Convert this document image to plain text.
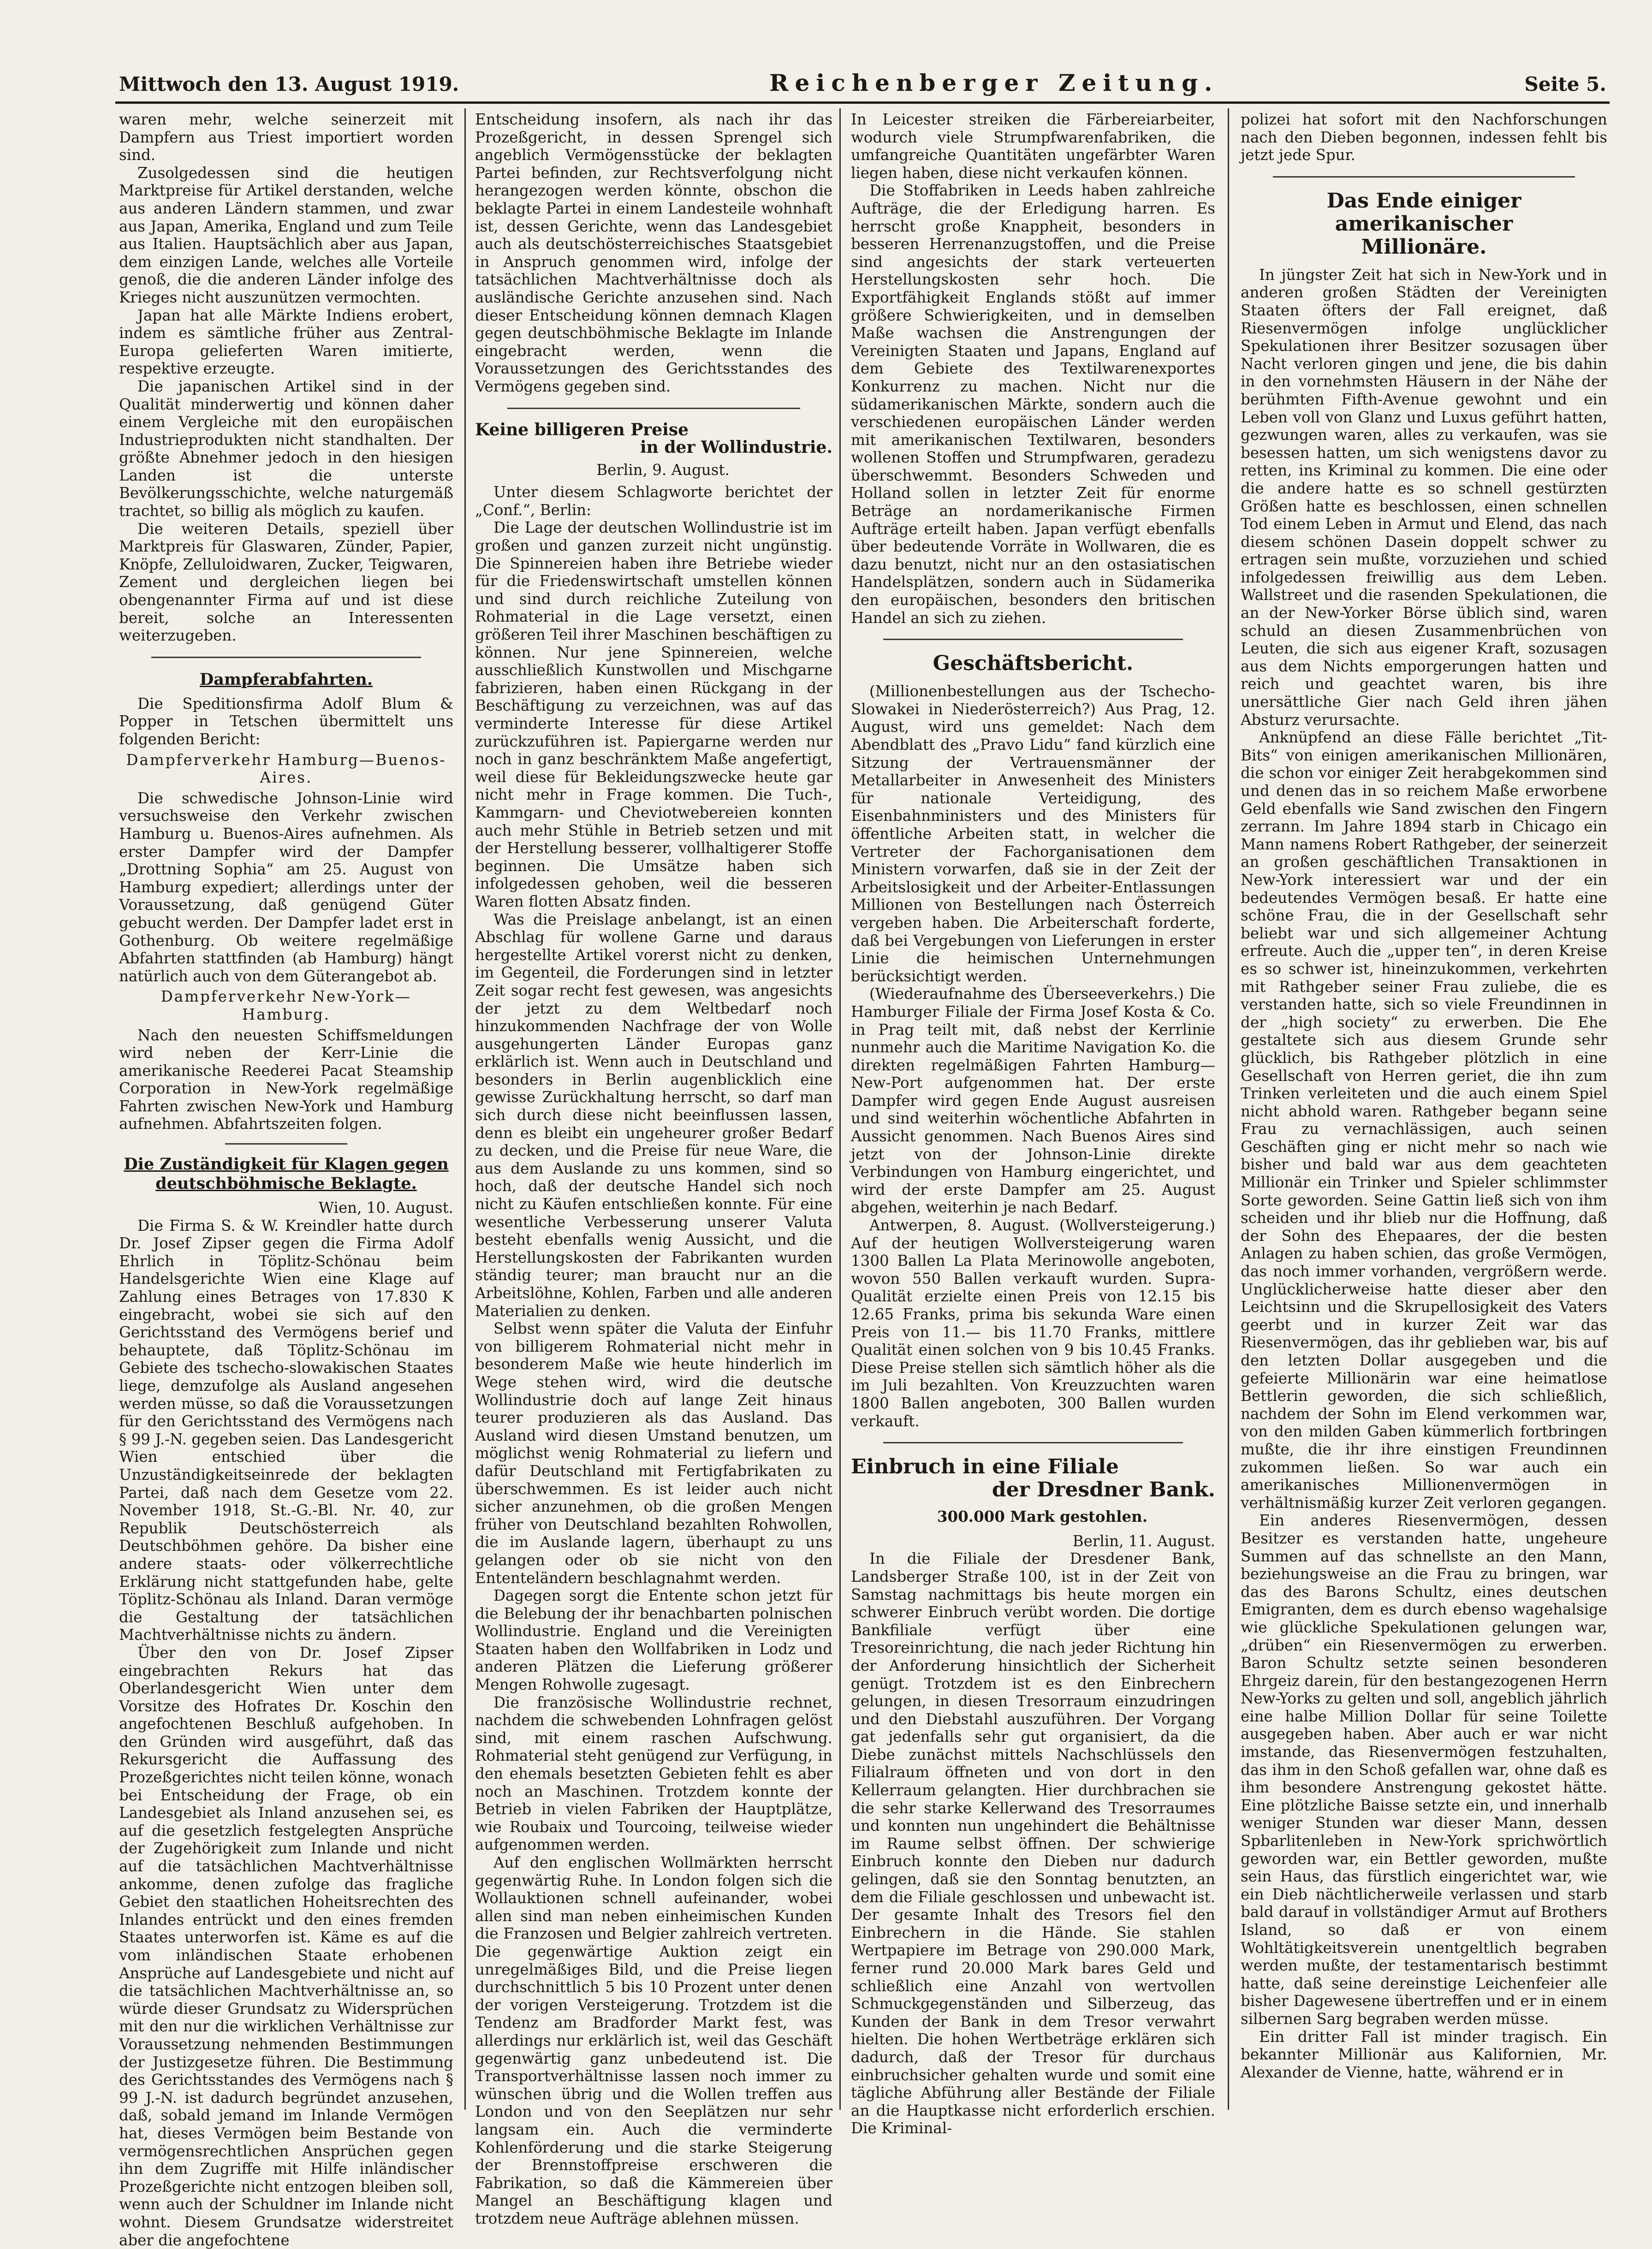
Mittwoch den 13. August 1919.	Reichenberger Zeitung.	Seite 5.

waren mehr, welche seinerzeit mit Dampfern aus Triest importiert worden sind.

Zusolgedessen sind die heutigen Marktpreise für Artikel derstanden, welche aus anderen Ländern stammen, und zwar aus Japan, Amerika, England und zum Teile aus Italien. Hauptsächlich aber aus Japan, dem einzigen Lande, welches alle Vorteile genoß, die die anderen Länder infolge des Krieges nicht auszunützen vermochten.

Japan hat alle Märkte Indiens erobert, indem es sämtliche früher aus Zentral-Europa gelieferten Waren imitierte, respektive erzeugte.

Die japanischen Artikel sind in der Qualität minderwertig und können daher einem Vergleiche mit den europäischen Industrieprodukten nicht standhalten. Der größte Abnehmer jedoch in den hiesigen Landen ist die unterste Bevölkerungsschichte, welche naturgemäß trachtet, so billig als möglich zu kaufen.

Die weiteren Details, speziell über Marktpreis für Glaswaren, Zünder, Papier, Knöpfe, Zelluloidwaren, Zucker, Teigwaren, Zement und dergleichen liegen bei obengenannter Firma auf und ist diese bereit, solche an Interessenten weiterzugeben.

Dampferabfahrten.

Die Speditionsfirma Adolf Blum & Popper in Tetschen übermittelt uns folgenden Bericht:

Dampferverkehr Hamburg—Buenos-Aires.

Die schwedische Johnson-Linie wird versuchsweise den Verkehr zwischen Hamburg u. Buenos-Aires aufnehmen. Als erster Dampfer wird der Dampfer „Drottning Sophia“ am 25. August von Hamburg expediert; allerdings unter der Voraussetzung, daß genügend Güter gebucht werden. Der Dampfer ladet erst in Gothenburg. Ob weitere regelmäßige Abfahrten stattfinden (ab Hamburg) hängt natürlich auch von dem Güterangebot ab.

Dampferverkehr New-York—Hamburg.

Nach den neuesten Schiffsmeldungen wird neben der Kerr-Linie die amerikanische Reederei Pacat Steamship Corporation in New-York regelmäßige Fahrten zwischen New-York und Hamburg aufnehmen. Abfahrtszeiten folgen.

Die Zuständigkeit für Klagen gegen deutschböhmische Beklagte.

Wien, 10. August.

Die Firma S. & W. Kreindler hatte durch Dr. Josef Zipser gegen die Firma Adolf Ehrlich in Töplitz-Schönau beim Handelsgerichte Wien eine Klage auf Zahlung eines Betrages von 17.830 K eingebracht, wobei sie sich auf den Gerichtsstand des Vermögens berief und behauptete, daß Töplitz-Schönau im Gebiete des tschecho-slowakischen Staates liege, demzufolge als Ausland angesehen werden müsse, so daß die Voraussetzungen für den Gerichtsstand des Vermögens nach § 99 J.-N. gegeben seien. Das Landesgericht Wien entschied über die Unzuständigkeitseinrede der beklagten Partei, daß nach dem Gesetze vom 22. November 1918, St.-G.-Bl. Nr. 40, zur Republik Deutschösterreich als Deutschböhmen gehöre. Da bisher eine andere staats- oder völkerrechtliche Erklärung nicht stattgefunden habe, gelte Töplitz-Schönau als Inland. Daran vermöge die Gestaltung der tatsächlichen Machtverhältnisse nichts zu ändern.

Über den von Dr. Josef Zipser eingebrachten Rekurs hat das Oberlandesgericht Wien unter dem Vorsitze des Hofrates Dr. Koschin den angefochtenen Beschluß aufgehoben. In den Gründen wird ausgeführt, daß das Rekursgericht die Auffassung des Prozeßgerichtes nicht teilen könne, wonach bei Entscheidung der Frage, ob ein Landesgebiet als Inland anzusehen sei, es auf die gesetzlich festgelegten Ansprüche der Zugehörigkeit zum Inlande und nicht auf die tatsächlichen Machtverhältnisse ankomme, denen zufolge das fragliche Gebiet den staatlichen Hoheitsrechten des Inlandes entrückt und den eines fremden Staates unterworfen ist. Käme es auf die vom inländischen Staate erhobenen Ansprüche auf Landesgebiete und nicht auf die tatsächlichen Machtverhältnisse an, so würde dieser Grundsatz zu Widersprüchen mit den nur die wirklichen Verhältnisse zur Voraussetzung nehmenden Bestimmungen der Justizgesetze führen. Die Bestimmung des Gerichtsstandes des Vermögens nach § 99 J.-N. ist dadurch begründet anzusehen, daß, sobald jemand im Inlande Vermögen hat, dieses Vermögen beim Bestande von vermögensrechtlichen Ansprüchen gegen ihn dem Zugriffe mit Hilfe inländischer Prozeßgerichte nicht entzogen bleiben soll, wenn auch der Schuldner im Inlande nicht wohnt. Diesem Grundsatze widerstreitet aber die angefochtene

Entscheidung insofern, als nach ihr das Prozeßgericht, in dessen Sprengel sich angeblich Vermögensstücke der beklagten Partei befinden, zur Rechtsverfolgung nicht herangezogen werden könnte, obschon die beklagte Partei in einem Landesteile wohnhaft ist, dessen Gerichte, wenn das Landesgebiet auch als deutschösterreichisches Staatsgebiet in Anspruch genommen wird, infolge der tatsächlichen Machtverhältnisse doch als ausländische Gerichte anzusehen sind. Nach dieser Entscheidung können demnach Klagen gegen deutschböhmische Beklagte im Inlande eingebracht werden, wenn die Voraussetzungen des Gerichtsstandes des Vermögens gegeben sind.

Keine billigeren Preise

in der Wollindustrie.

Berlin, 9. August.

Unter diesem Schlagworte berichtet der „Conf.“, Berlin:

Die Lage der deutschen Wollindustrie ist im großen und ganzen zurzeit nicht ungünstig. Die Spinnereien haben ihre Betriebe wieder für die Friedenswirtschaft umstellen können und sind durch reichliche Zuteilung von Rohmaterial in die Lage versetzt, einen größeren Teil ihrer Maschinen beschäftigen zu können. Nur jene Spinnereien, welche ausschließlich Kunstwollen und Mischgarne fabrizieren, haben einen Rückgang in der Beschäftigung zu verzeichnen, was auf das verminderte Interesse für diese Artikel zurückzuführen ist. Papiergarne werden nur noch in ganz beschränktem Maße angefertigt, weil diese für Bekleidungszwecke heute gar nicht mehr in Frage kommen. Die Tuch-, Kammgarn- und Cheviotwebereien konnten auch mehr Stühle in Betrieb setzen und mit der Herstellung besserer, vollhaltigerer Stoffe beginnen. Die Umsätze haben sich infolgedessen gehoben, weil die besseren Waren flotten Absatz finden.

Was die Preislage anbelangt, ist an einen Abschlag für wollene Garne und daraus hergestellte Artikel vorerst nicht zu denken, im Gegenteil, die Forderungen sind in letzter Zeit sogar recht fest gewesen, was angesichts der jetzt zu dem Weltbedarf noch hinzukommenden Nachfrage der von Wolle ausgehungerten Länder Europas ganz erklärlich ist. Wenn auch in Deutschland und besonders in Berlin augenblicklich eine gewisse Zurückhaltung herrscht, so darf man sich durch diese nicht beeinflussen lassen, denn es bleibt ein ungeheurer großer Bedarf zu decken, und die Preise für neue Ware, die aus dem Auslande zu uns kommen, sind so hoch, daß der deutsche Handel sich noch nicht zu Käufen entschließen konnte. Für eine wesentliche Verbesserung unserer Valuta besteht ebenfalls wenig Aussicht, und die Herstellungskosten der Fabrikanten wurden ständig teurer; man braucht nur an die Arbeitslöhne, Kohlen, Farben und alle anderen Materialien zu denken.

Selbst wenn später die Valuta der Einfuhr von billigerem Rohmaterial nicht mehr in besonderem Maße wie heute hinderlich im Wege stehen wird, wird die deutsche Wollindustrie doch auf lange Zeit hinaus teurer produzieren als das Ausland. Das Ausland wird diesen Umstand benutzen, um möglichst wenig Rohmaterial zu liefern und dafür Deutschland mit Fertigfabrikaten zu überschwemmen. Es ist leider auch nicht sicher anzunehmen, ob die großen Mengen früher von Deutschland bezahlten Rohwollen, die im Auslande lagern, überhaupt zu uns gelangen oder ob sie nicht von den Ententeländern beschlagnahmt werden.

Dagegen sorgt die Entente schon jetzt für die Belebung der ihr benachbarten polnischen Wollindustrie. England und die Vereinigten Staaten haben den Wollfabriken in Lodz und anderen Plätzen die Lieferung größerer Mengen Rohwolle zugesagt.

Die französische Wollindustrie rechnet, nachdem die schwebenden Lohnfragen gelöst sind, mit einem raschen Aufschwung. Rohmaterial steht genügend zur Verfügung, in den ehemals besetzten Gebieten fehlt es aber noch an Maschinen. Trotzdem konnte der Betrieb in vielen Fabriken der Hauptplätze, wie Roubaix und Tourcoing, teilweise wieder aufgenommen werden.

Auf den englischen Wollmärkten herrscht gegenwärtig Ruhe. In London folgen sich die Wollauktionen schnell aufeinander, wobei allen sind man neben einheimischen Kunden die Franzosen und Belgier zahlreich vertreten. Die gegenwärtige Auktion zeigt ein unregelmäßiges Bild, und die Preise liegen durchschnittlich 5 bis 10 Prozent unter denen der vorigen Versteigerung. Trotzdem ist die Tendenz am Bradforder Markt fest, was allerdings nur erklärlich ist, weil das Geschäft gegenwärtig ganz unbedeutend ist. Die Transportverhältnisse lassen noch immer zu wünschen übrig und die Wollen treffen aus London und von den Seeplätzen nur sehr langsam ein. Auch die verminderte Kohlenförderung und die starke Steigerung der Brennstoffpreise erschweren die Fabrikation, so daß die Kämmereien über Mangel an Beschäftigung klagen und trotzdem neue Aufträge ablehnen müssen.

In Leicester streiken die Färbereiarbeiter, wodurch viele Strumpfwarenfabriken, die umfangreiche Quantitäten ungefärbter Waren liegen haben, diese nicht verkaufen können.

Die Stoffabriken in Leeds haben zahlreiche Aufträge, die der Erledigung harren. Es herrscht große Knappheit, besonders in besseren Herrenanzugstoffen, und die Preise sind angesichts der stark verteuerten Herstellungskosten sehr hoch. Die Exportfähigkeit Englands stößt auf immer größere Schwierigkeiten, und in demselben Maße wachsen die Anstrengungen der Vereinigten Staaten und Japans, England auf dem Gebiete des Textilwarenexportes Konkurrenz zu machen. Nicht nur die südamerikanischen Märkte, sondern auch die verschiedenen europäischen Länder werden mit amerikanischen Textilwaren, besonders wollenen Stoffen und Strumpfwaren, geradezu überschwemmt. Besonders Schweden und Holland sollen in letzter Zeit für enorme Beträge an nordamerikanische Firmen Aufträge erteilt haben. Japan verfügt ebenfalls über bedeutende Vorräte in Wollwaren, die es dazu benutzt, nicht nur an den ostasiatischen Handelsplätzen, sondern auch in Südamerika den europäischen, besonders den britischen Handel an sich zu ziehen.

Geschäftsbericht.

(Millionenbestellungen aus der Tschecho-Slowakei in Niederösterreich?) Aus Prag, 12. August, wird uns gemeldet: Nach dem Abendblatt des „Pravo Lidu“ fand kürzlich eine Sitzung der Vertrauensmänner der Metallarbeiter in Anwesenheit des Ministers für nationale Verteidigung, des Eisenbahnministers und des Ministers für öffentliche Arbeiten statt, in welcher die Vertreter der Fachorganisationen dem Ministern vorwarfen, daß sie in der Zeit der Arbeitslosigkeit und der Arbeiter-Entlassungen Millionen von Bestellungen nach Österreich vergeben haben. Die Arbeiterschaft forderte, daß bei Vergebungen von Lieferungen in erster Linie die heimischen Unternehmungen berücksichtigt werden.

(Wiederaufnahme des Überseeverkehrs.) Die Hamburger Filiale der Firma Josef Kosta & Co. in Prag teilt mit, daß nebst der Kerrlinie nunmehr auch die Maritime Navigation Ko. die direkten regelmäßigen Fahrten Hamburg—New-Port aufgenommen hat. Der erste Dampfer wird gegen Ende August ausreisen und sind weiterhin wöchentliche Abfahrten in Aussicht genommen. Nach Buenos Aires sind jetzt von der Johnson-Linie direkte Verbindungen von Hamburg eingerichtet, und wird der erste Dampfer am 25. August abgehen, weiterhin je nach Bedarf.

Antwerpen, 8. August. (Wollversteigerung.) Auf der heutigen Wollversteigerung waren 1300 Ballen La Plata Merinowolle angeboten, wovon 550 Ballen verkauft wurden. Supra-Qualität erzielte einen Preis von 12.15 bis 12.65 Franks, prima bis sekunda Ware einen Preis von 11.— bis 11.70 Franks, mittlere Qualität einen solchen von 9 bis 10.45 Franks. Diese Preise stellen sich sämtlich höher als die im Juli bezahlten. Von Kreuzzuchten waren 1800 Ballen angeboten, 300 Ballen wurden verkauft.

Einbruch in eine Filiale
der Dresdner Bank.

300.000 Mark gestohlen.

Berlin, 11. August.

In die Filiale der Dresdener Bank, Landsberger Straße 100, ist in der Zeit von Samstag nachmittags bis heute morgen ein schwerer Einbruch verübt worden. Die dortige Bankfiliale verfügt über eine Tresoreinrichtung, die nach jeder Richtung hin der Anforderung hinsichtlich der Sicherheit genügt. Trotzdem ist es den Einbrechern gelungen, in diesen Tresorraum einzudringen und den Diebstahl auszuführen. Der Vorgang gat jedenfalls sehr gut organisiert, da die Diebe zunächst mittels Nachschlüssels den Filialraum öffneten und von dort in den Kellerraum gelangten. Hier durchbrachen sie die sehr starke Kellerwand des Tresorraumes und konnten nun ungehindert die Behältnisse im Raume selbst öffnen. Der schwierige Einbruch konnte den Dieben nur dadurch gelingen, daß sie den Sonntag benutzten, an dem die Filiale geschlossen und unbewacht ist. Der gesamte Inhalt des Tresors fiel den Einbrechern in die Hände. Sie stahlen Wertpapiere im Betrage von 290.000 Mark, ferner rund 20.000 Mark bares Geld und schließlich eine Anzahl von wertvollen Schmuckgegenständen und Silberzeug, das Kunden der Bank in dem Tresor verwahrt hielten. Die hohen Wertbeträge erklären sich dadurch, daß der Tresor für durchaus einbruchsicher gehalten wurde und somit eine tägliche Abführung aller Bestände der Filiale an die Hauptkasse nicht erforderlich erschien. Die Kriminal-

polizei hat sofort mit den Nachforschungen nach den Dieben begonnen, indessen fehlt bis jetzt jede Spur.

Das Ende einiger amerikanischer
Millionäre.

In jüngster Zeit hat sich in New-York und in anderen großen Städten der Vereinigten Staaten öfters der Fall ereignet, daß Riesenvermögen infolge unglücklicher Spekulationen ihrer Besitzer sozusagen über Nacht verloren gingen und jene, die bis dahin in den vornehmsten Häusern in der Nähe der berühmten Fifth-Avenue gewohnt und ein Leben voll von Glanz und Luxus geführt hatten, gezwungen waren, alles zu verkaufen, was sie besessen hatten, um sich wenigstens davor zu retten, ins Kriminal zu kommen. Die eine oder die andere hatte es so schnell gestürzten Größen hatte es beschlossen, einen schnellen Tod einem Leben in Armut und Elend, das nach diesem schönen Dasein doppelt schwer zu ertragen sein mußte, vorzuziehen und schied infolgedessen freiwillig aus dem Leben. Wallstreet und die rasenden Spekulationen, die an der New-Yorker Börse üblich sind, waren schuld an diesen Zusammenbrüchen von Leuten, die sich aus eigener Kraft, sozusagen aus dem Nichts emporgerungen hatten und reich und geachtet waren, bis ihre unersättliche Gier nach Geld ihren jähen Absturz verursachte.

Anknüpfend an diese Fälle berichtet „Tit-Bits“ von einigen amerikanischen Millionären, die schon vor einiger Zeit herabgekommen sind und denen das in so reichem Maße erworbene Geld ebenfalls wie Sand zwischen den Fingern zerrann. Im Jahre 1894 starb in Chicago ein Mann namens Robert Rathgeber, der seinerzeit an großen geschäftlichen Transaktionen in New-York interessiert war und der ein bedeutendes Vermögen besaß. Er hatte eine schöne Frau, die in der Gesellschaft sehr beliebt war und sich allgemeiner Achtung erfreute. Auch die „upper ten“, in deren Kreise es so schwer ist, hineinzukommen, verkehrten mit Rathgeber seiner Frau zuliebe, die es verstanden hatte, sich so viele Freundinnen in der „high society“ zu erwerben. Die Ehe gestaltete sich aus diesem Grunde sehr glücklich, bis Rathgeber plötzlich in eine Gesellschaft von Herren geriet, die ihn zum Trinken verleiteten und die auch einem Spiel nicht abhold waren. Rathgeber begann seine Frau zu vernachlässigen, auch seinen Geschäften ging er nicht mehr so nach wie bisher und bald war aus dem geachteten Millionär ein Trinker und Spieler schlimmster Sorte geworden. Seine Gattin ließ sich von ihm scheiden und ihr blieb nur die Hoffnung, daß der Sohn des Ehepaares, der die besten Anlagen zu haben schien, das große Vermögen, das noch immer vorhanden, vergrößern werde. Unglücklicherweise hatte dieser aber den Leichtsinn und die Skrupellosigkeit des Vaters geerbt und in kurzer Zeit war das Riesenvermögen, das ihr geblieben war, bis auf den letzten Dollar ausgegeben und die gefeierte Millionärin war eine heimatlose Bettlerin geworden, die sich schließlich, nachdem der Sohn im Elend verkommen war, von den milden Gaben kümmerlich fortbringen mußte, die ihr ihre einstigen Freundinnen zukommen ließen. So war auch ein amerikanisches Millionenvermögen in verhältnismäßig kurzer Zeit verloren gegangen.

Ein anderes Riesenvermögen, dessen Besitzer es verstanden hatte, ungeheure Summen auf das schnellste an den Mann, beziehungsweise an die Frau zu bringen, war das des Barons Schultz, eines deutschen Emigranten, dem es durch ebenso wagehalsige wie glückliche Spekulationen gelungen war, „drüben“ ein Riesenvermögen zu erwerben. Baron Schultz setzte seinen besonderen Ehrgeiz darein, für den bestangezogenen Herrn New-Yorks zu gelten und soll, angeblich jährlich eine halbe Million Dollar für seine Toilette ausgegeben haben. Aber auch er war nicht imstande, das Riesenvermögen festzuhalten, das ihm in den Schoß gefallen war, ohne daß es ihm besondere Anstrengung gekostet hätte. Eine plötzliche Baisse setzte ein, und innerhalb weniger Stunden war dieser Mann, dessen Spbarlitenleben in New-York sprichwörtlich geworden war, ein Bettler geworden, mußte sein Haus, das fürstlich eingerichtet war, wie ein Dieb nächtlicherweile verlassen und starb bald darauf in vollständiger Armut auf Brothers Island, so daß er von einem Wohltätigkeitsverein unentgeltlich begraben werden mußte, der testamentarisch bestimmt hatte, daß seine dereinstige Leichenfeier alle bisher Dagewesene übertreffen und er in einem silbernen Sarg begraben werden müsse.

Ein dritter Fall ist minder tragisch. Ein bekannter Millionär aus Kalifornien, Mr. Alexander de Vienne, hatte, während er in
